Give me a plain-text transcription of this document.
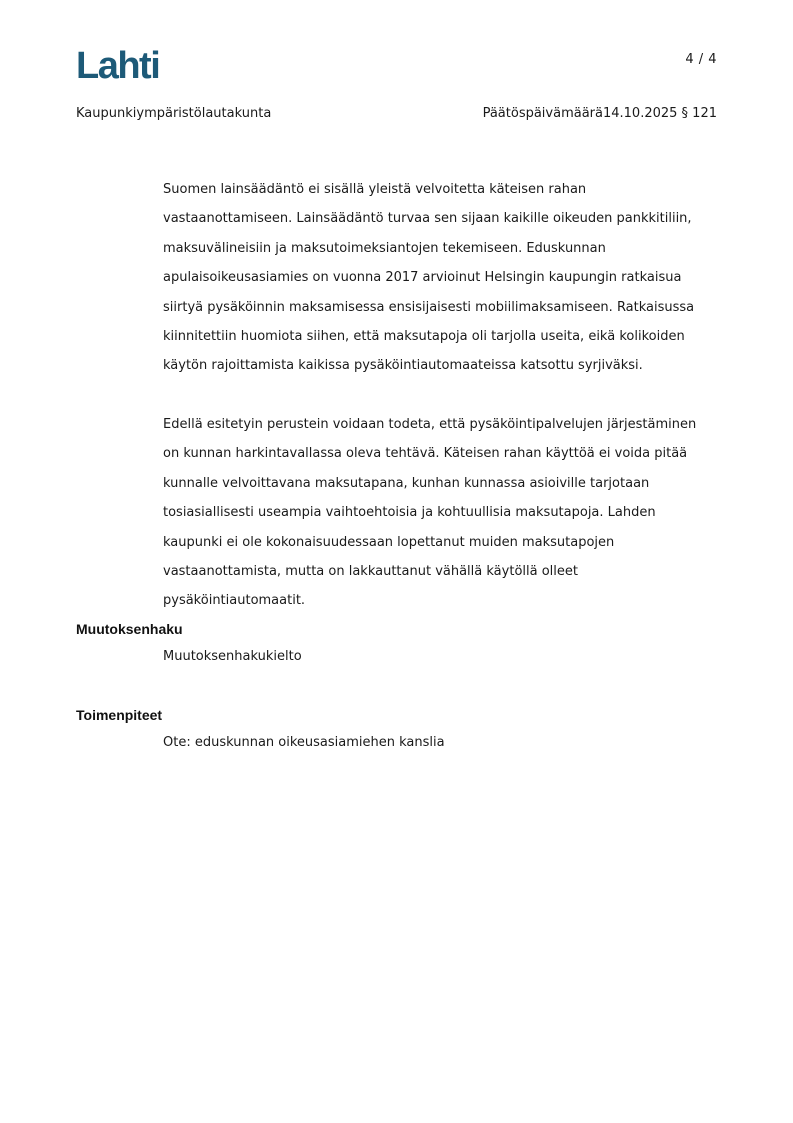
Lahti	4 / 4
Kaupunkiympäristölautakunta	Päätöspäivämäärä14.10.2025 § 121

Suomen lainsäädäntö ei sisällä yleistä velvoitetta käteisen rahan vastaanottamiseen. Lainsäädäntö turvaa sen sijaan kaikille oikeuden pankkitiliin, maksuvälineisiin ja maksutoimeksiantojen tekemiseen. Eduskunnan apulaisoikeusasiamies on vuonna 2017 arvioinut Helsingin kaupungin ratkaisua siirtyä pysäköinnin maksamisessa ensisijaisesti mobiilimaksamiseen. Ratkaisussa kiinnitettiin huomiota siihen, että maksutapoja oli tarjolla useita, eikä kolikoiden käytön rajoittamista kaikissa pysäköintiautomaateissa katsottu syrjiväksi.

Edellä esitetyin perustein voidaan todeta, että pysäköintipalvelujen järjestäminen on kunnan harkintavallassa oleva tehtävä. Käteisen rahan käyttöä ei voida pitää kunnalle velvoittavana maksutapana, kunhan kunnassa asioiville tarjotaan tosiasiallisesti useampia vaihtoehtoisia ja kohtuullisia maksutapoja. Lahden kaupunki ei ole kokonaisuudessaan lopettanut muiden maksutapojen vastaanottamista, mutta on lakkauttanut vähällä käytöllä olleet pysäköintiautomaatit.

Muutoksenhaku

Muutoksenhakukielto

Toimenpiteet

Ote: eduskunnan oikeusasiamiehen kanslia
